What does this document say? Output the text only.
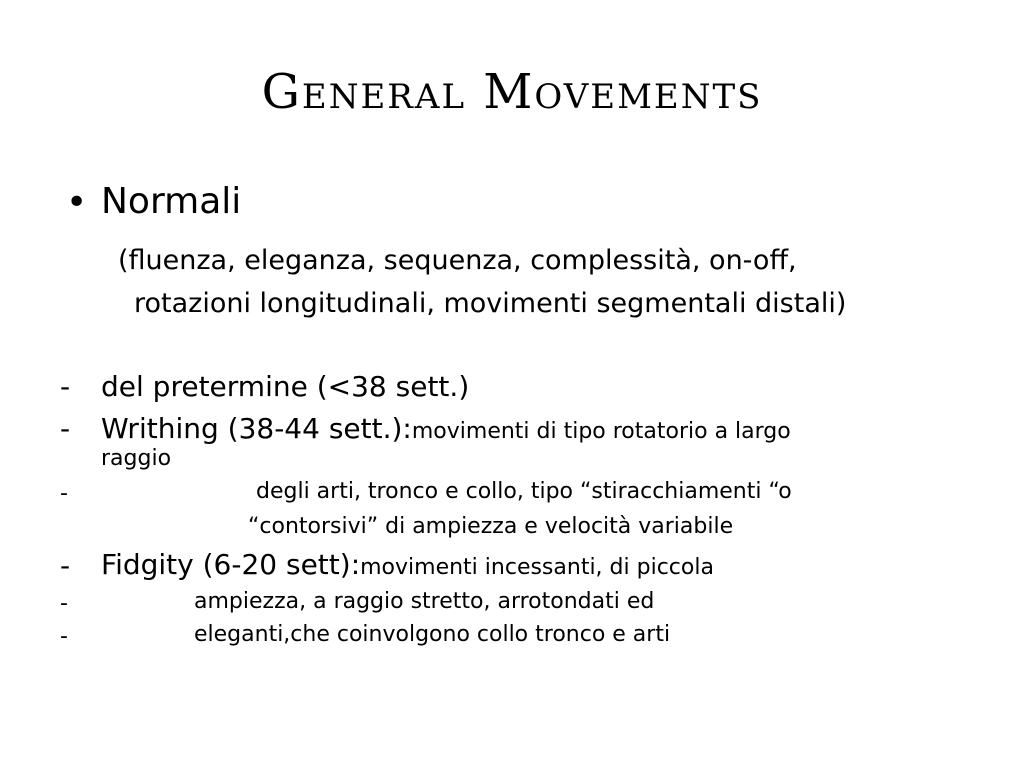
General Movements
• Normali
(fluenza, eleganza, sequenza, complessità, on-off,
rotazioni longitudinali, movimenti segmentali distali)
- del pretermine (<38 sett.)
- Writhing (38-44 sett.):movimenti di tipo rotatorio a largo
raggio
-	degli arti, tronco e collo, tipo “stiracchiamenti “o
“contorsivi” di ampiezza e velocità variabile
- Fidgity (6-20 sett):movimenti incessanti, di piccola
-	ampiezza, a raggio stretto, arrotondati ed
-	eleganti,che coinvolgono collo tronco e arti
